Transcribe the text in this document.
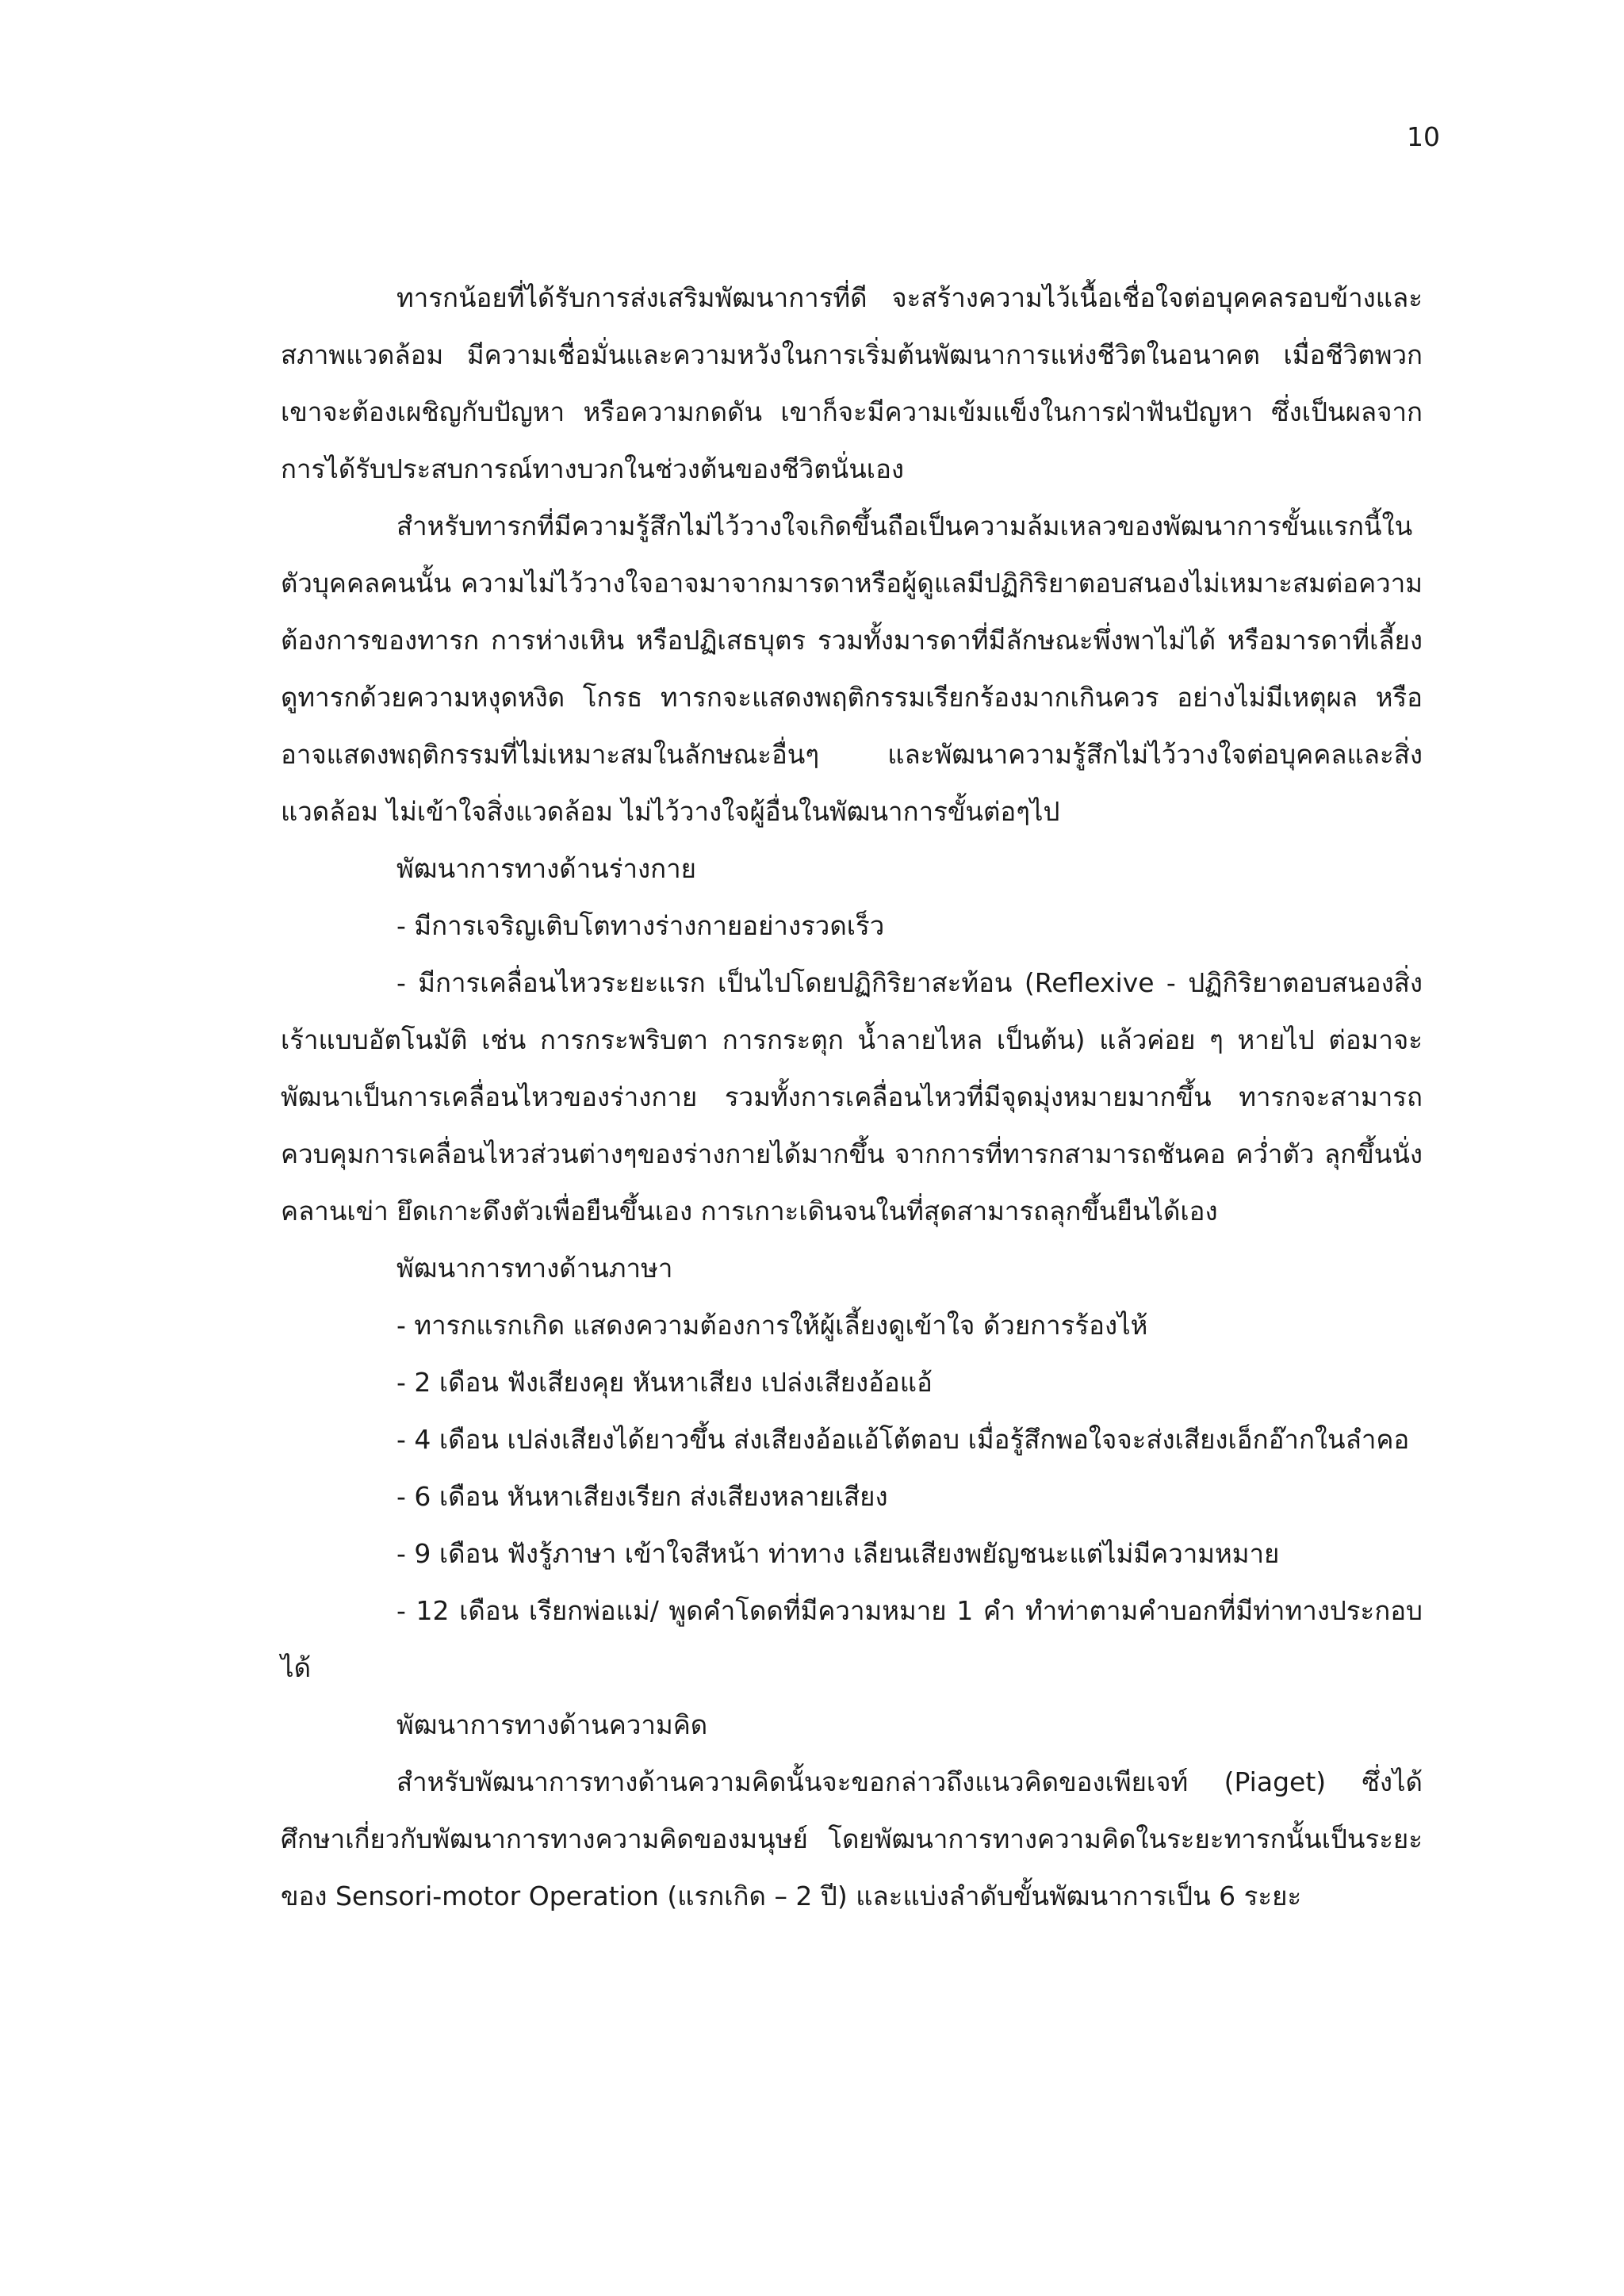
10

ทารกน้อยที่ได้รับการส่งเสริมพัฒนาการที่ดี จะสร้างความไว้เนื้อเชื่อใจต่อบุคคลรอบข้างและสภาพแวดล้อม มีความเชื่อมั่นและความหวังในการเริ่มต้นพัฒนาการแห่งชีวิตในอนาคต เมื่อชีวิตพวกเขาจะต้องเผชิญกับปัญหา หรือความกดดัน เขาก็จะมีความเข้มแข็งในการฝ่าฟันปัญหา ซึ่งเป็นผลจากการได้รับประสบการณ์ทางบวกในช่วงต้นของชีวิตนั่นเอง

สำหรับทารกที่มีความรู้สึกไม่ไว้วางใจเกิดขึ้นถือเป็นความล้มเหลวของพัฒนาการขั้นแรกนี้ในตัวบุคคลคนนั้น ความไม่ไว้วางใจอาจมาจากมารดาหรือผู้ดูแลมีปฏิกิริยาตอบสนองไม่เหมาะสมต่อความต้องการของทารก การห่างเหิน หรือปฏิเสธบุตร รวมทั้งมารดาที่มีลักษณะพึ่งพาไม่ได้ หรือมารดาที่เลี้ยงดูทารกด้วยความหงุดหงิด โกรธ ทารกจะแสดงพฤติกรรมเรียกร้องมากเกินควร อย่างไม่มีเหตุผล หรืออาจแสดงพฤติกรรมที่ไม่เหมาะสมในลักษณะอื่นๆ และพัฒนาความรู้สึกไม่ไว้วางใจต่อบุคคลและสิ่งแวดล้อม ไม่เข้าใจสิ่งแวดล้อม ไม่ไว้วางใจผู้อื่นในพัฒนาการขั้นต่อๆไป

พัฒนาการทางด้านร่างกาย

- มีการเจริญเติบโตทางร่างกายอย่างรวดเร็ว

- มีการเคลื่อนไหวระยะแรก เป็นไปโดยปฏิกิริยาสะท้อน (Reflexive - ปฏิกิริยาตอบสนองสิ่งเร้าแบบอัตโนมัติ เช่น การกระพริบตา การกระตุก น้ำลายไหล เป็นต้น) แล้วค่อย ๆ หายไป ต่อมาจะพัฒนาเป็นการเคลื่อนไหวของร่างกาย รวมทั้งการเคลื่อนไหวที่มีจุดมุ่งหมายมากขึ้น ทารกจะสามารถควบคุมการเคลื่อนไหวส่วนต่างๆของร่างกายได้มากขึ้น จากการที่ทารกสามารถชันคอ คว่ำตัว ลุกขึ้นนั่ง คลานเข่า ยึดเกาะดึงตัวเพื่อยืนขึ้นเอง การเกาะเดินจนในที่สุดสามารถลุกขึ้นยืนได้เอง

พัฒนาการทางด้านภาษา

- ทารกแรกเกิด แสดงความต้องการให้ผู้เลี้ยงดูเข้าใจ ด้วยการร้องไห้

- 2 เดือน ฟังเสียงคุย หันหาเสียง เปล่งเสียงอ้อแอ้

- 4 เดือน เปล่งเสียงได้ยาวขึ้น ส่งเสียงอ้อแอ้โต้ตอบ เมื่อรู้สึกพอใจจะส่งเสียงเอ็กอ๊ากในลำคอ

- 6 เดือน หันหาเสียงเรียก ส่งเสียงหลายเสียง

- 9 เดือน ฟังรู้ภาษา เข้าใจสีหน้า ท่าทาง เลียนเสียงพยัญชนะแต่ไม่มีความหมาย

- 12 เดือน เรียกพ่อแม่/ พูดคำโดดที่มีความหมาย 1 คำ ทำท่าตามคำบอกที่มีท่าทางประกอบได้

พัฒนาการทางด้านความคิด

สำหรับพัฒนาการทางด้านความคิดนั้นจะขอกล่าวถึงแนวคิดของเพียเจท์ (Piaget) ซึ่งได้ศึกษาเกี่ยวกับพัฒนาการทางความคิดของมนุษย์ โดยพัฒนาการทางความคิดในระยะทารกนั้นเป็นระยะของ Sensori-motor Operation (แรกเกิด – 2 ปี) และแบ่งลำดับขั้นพัฒนาการเป็น 6 ระยะ
